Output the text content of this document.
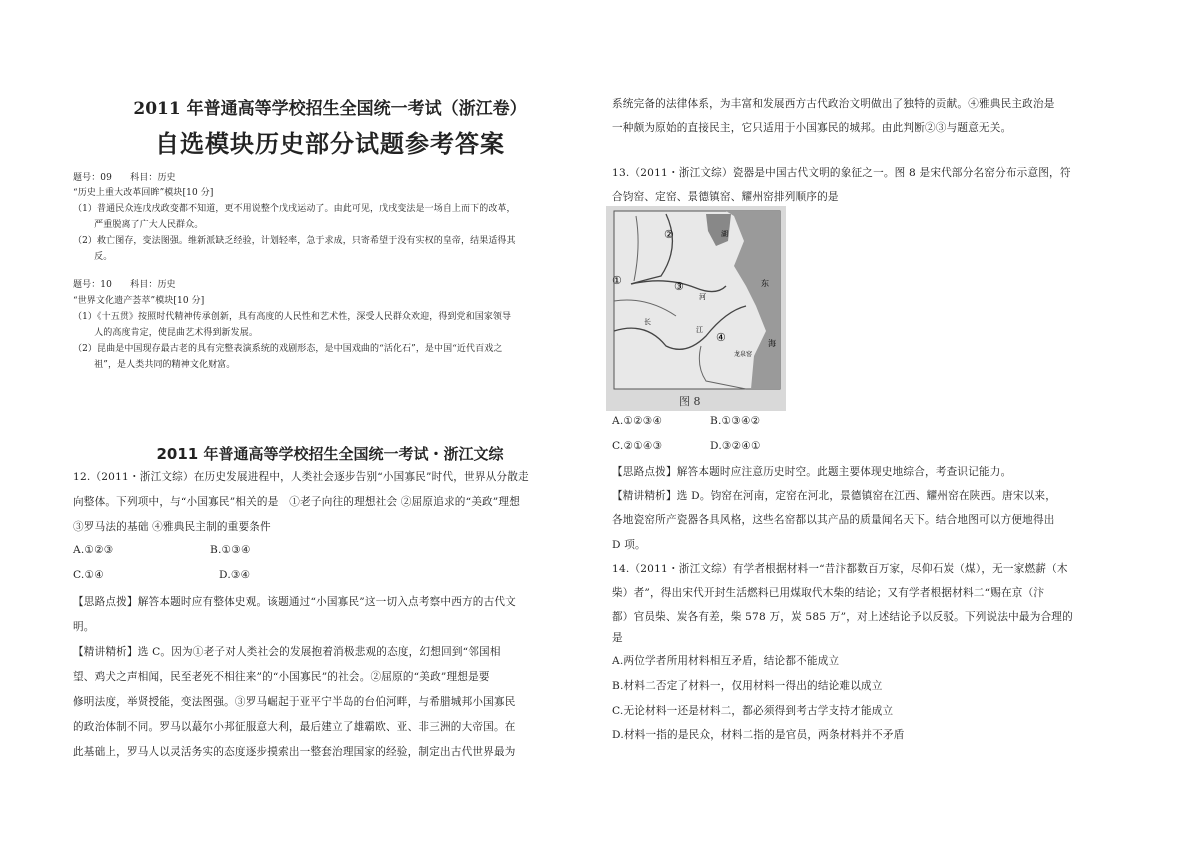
2011 年普通高等学校招生全国统一考试（浙江卷）
自选模块历史部分试题参考答案
题号：09　　科目：历史
“历史上重大改革回眸”模块[10 分]
（1）普通民众连戊戌政变都不知道，更不用说整个戊戌运动了。由此可见，戊戌变法是一场自上而下的改革，
　　 严重脱离了广大人民群众。
（2）救亡图存，变法图强。维新派缺乏经验，计划轻率，急于求成，只寄希望于没有实权的皇帝，结果适得其
　　 反。
题号：10　　科目：历史
“世界文化遗产荟萃”模块[10 分]
（1）《十五贯》按照时代精神传承创新，具有高度的人民性和艺术性，深受人民群众欢迎，得到党和国家领导
　　 人的高度肯定，使昆曲艺术得到新发展。
（2）昆曲是中国现存最古老的具有完整表演系统的戏剧形态，是中国戏曲的“活化石”，是中国“近代百戏之
　　 祖”，是人类共同的精神文化财富。
2011 年普通高等学校招生全国统一考试・浙江文综
12.（2011・浙江文综）在历史发展进程中，人类社会逐步告别“小国寡民”时代，世界从分散走
向整体。下列项中，与“小国寡民”相关的是　①老子向往的理想社会 ②屈原追求的“美政”理想
③罗马法的基础 ④雅典民主制的重要条件
A.①②③	B.①③④
C.①④	D.③④
【思路点拨】解答本题时应有整体史观。该题通过“小国寡民”这一切入点考察中西方的古代文
明。
【精讲精析】选 C。因为①老子对人类社会的发展抱着消极悲观的态度，幻想回到“邻国相
望、鸡犬之声相闻，民至老死不相往来”的“小国寡民”的社会。②屈原的“美政”理想是要
修明法度，举贤授能，变法图强。③罗马崛起于亚平宁半岛的台伯河畔，与希腊城邦小国寡民
的政治体制不同。罗马以蕞尔小邦征服意大利，最后建立了雄霸欧、亚、非三洲的大帝国。在
此基础上，罗马人以灵活务实的态度逐步摸索出一整套治理国家的经验，制定出古代世界最为
系统完备的法律体系，为丰富和发展西方古代政治文明做出了独特的贡献。④雅典民主政治是
一种颇为原始的直接民主，它只适用于小国寡民的城邦。由此判断②③与题意无关。
13.（2011・浙江文综）瓷器是中国古代文明的象征之一。图 8 是宋代部分名窑分布示意图，符
合钧窑、定窑、景德镇窑、耀州窑排列顺序的是
②
①	③
④
河
长
江
湖
东
海
龙泉窑
图 8
A.①②③④	B.①③④②
C.②①④③	D.③②④①
【思路点拨】解答本题时应注意历史时空。此题主要体现史地综合，考查识记能力。
【精讲精析】选 D。钧窑在河南，定窑在河北，景德镇窑在江西、耀州窑在陕西。唐宋以来，
各地瓷窑所产瓷器各具风格，这些名窑都以其产品的质量闻名天下。结合地图可以方便地得出
D 项。
14.（2011・浙江文综）有学者根据材料一“昔汴都数百万家，尽仰石炭（煤），无一家燃薪（木
柴）者”，得出宋代开封生活燃料已用煤取代木柴的结论；又有学者根据材料二“赐在京（汴
都）官员柴、炭各有差，柴 578 万，炭 585 万”，对上述结论予以反驳。下列说法中最为合理的
是
A.两位学者所用材料相互矛盾，结论都不能成立
B.材料二否定了材料一，仅用材料一得出的结论难以成立
C.无论材料一还是材料二，都必须得到考古学支持才能成立
D.材料一指的是民众，材料二指的是官员，两条材料并不矛盾
